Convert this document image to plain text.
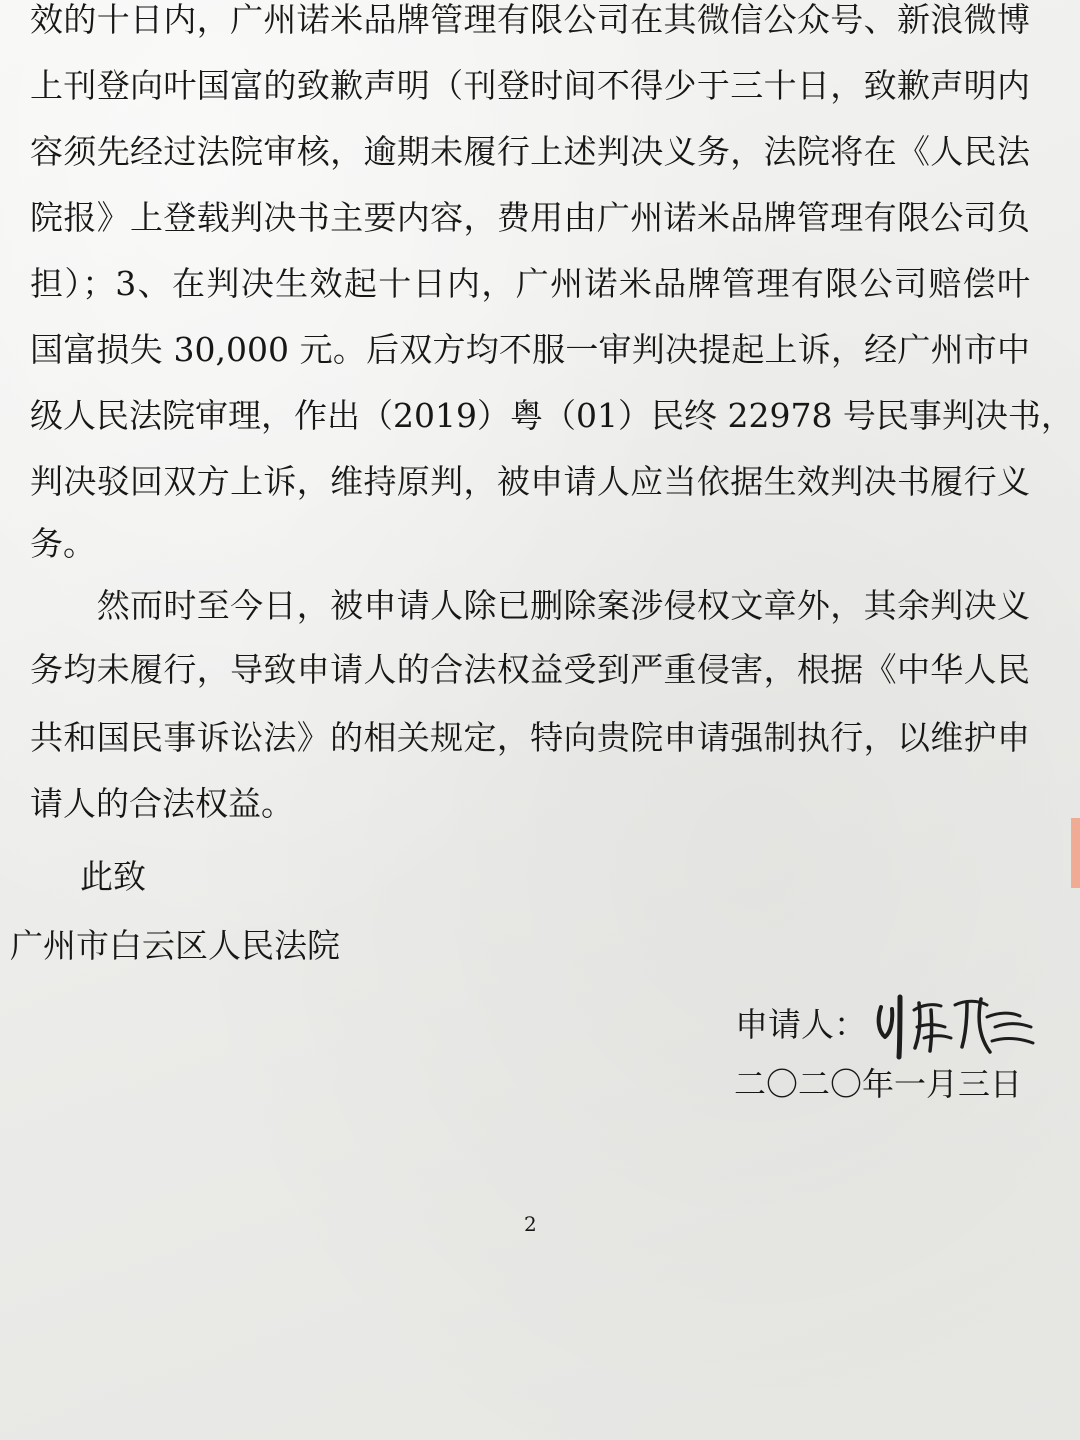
效的十日内，广州诺米品牌管理有限公司在其微信公众号、新浪微博
上刊登向叶国富的致歉声明（刊登时间不得少于三十日，致歉声明内
容须先经过法院审核，逾期未履行上述判决义务，法院将在《人民法
院报》上登载判决书主要内容，费用由广州诺米品牌管理有限公司负
担）；3、在判决生效起十日内，广州诺米品牌管理有限公司赔偿叶
国富损失 30,000 元。后双方均不服一审判决提起上诉，经广州市中
级人民法院审理，作出（2019）粤（01）民终 22978 号民事判决书，
判决驳回双方上诉，维持原判，被申请人应当依据生效判决书履行义
务。
　　然而时至今日，被申请人除已删除案涉侵权文章外，其余判决义
务均未履行，导致申请人的合法权益受到严重侵害，根据《中华人民
共和国民事诉讼法》的相关规定，特向贵院申请强制执行，以维护申
请人的合法权益。
此致
广州市白云区人民法院
申请人：
二〇二〇年一月三日
2
